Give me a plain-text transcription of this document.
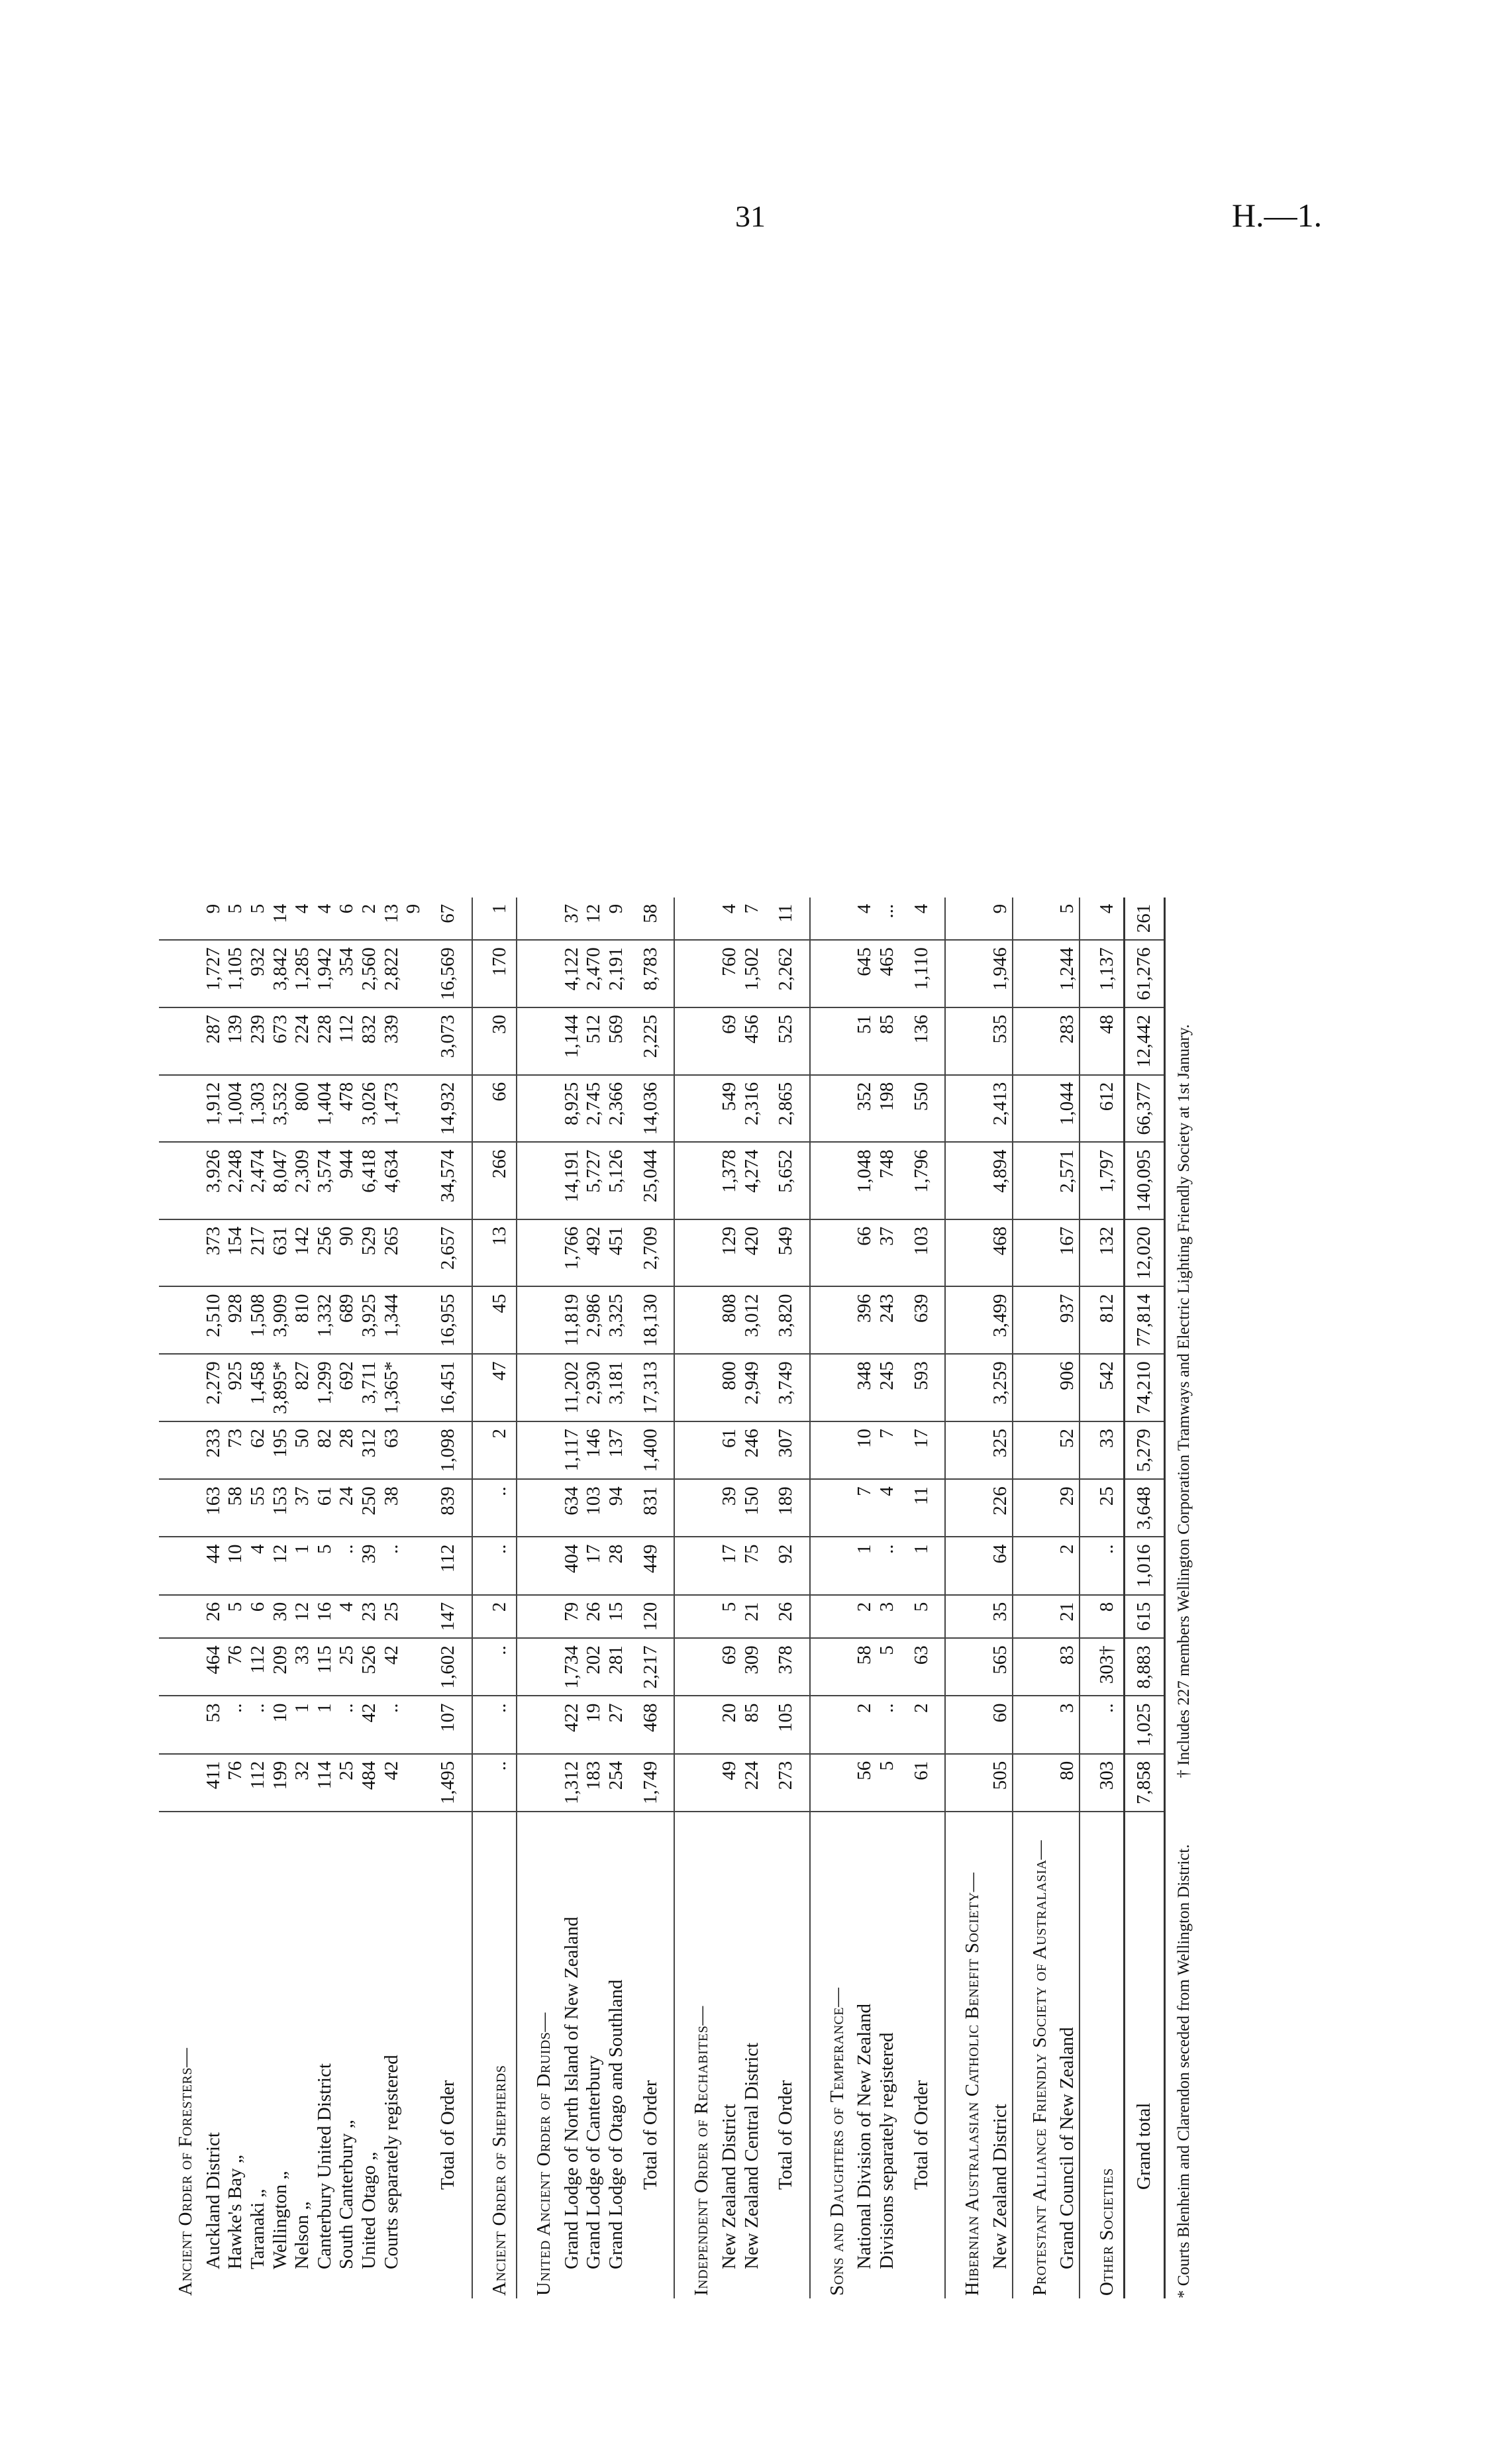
31	H.—1.
Ancient Order of Foresters—															

Auckland District	411	53	464	26	44	163	233	2,279	2,510	373	3,926	1,912	287	1,727	9

Hawke's Bay „	76	..	76	5	10	58	73	925	928	154	2,248	1,004	139	1,105	5

Taranaki „	112	..	112	6	4	55	62	1,458	1,508	217	2,474	1,303	239	932	5

Wellington „	199	10	209	30	12	153	195	3,895*	3,909	631	8,047	3,532	673	3,842	14

Nelson „	32	1	33	12	1	37	50	827	810	142	2,309	800	224	1,285	4

Canterbury United District	114	1	115	16	5	61	82	1,299	1,332	256	3,574	1,404	228	1,942	4

South Canterbury „	25	..	25	4	..	24	28	692	689	90	944	478	112	354	6

United Otago „	484	42	526	23	39	250	312	3,711	3,925	529	6,418	3,026	832	2,560	2

Courts separately registered	42	..	42	25	..	38	63	1,365*	1,344	265	4,634	1,473	339	2,822	13

															9

Total of Order	1,495	107	1,602	147	112	839	1,098	16,451	16,955	2,657	34,574	14,932	3,073	16,569	67

Ancient Order of Shepherds	..	..	..	2	..	..	2	47	45	13	266	66	30	170	1

United Ancient Order of Druids—															

Grand Lodge of North Island of New Zealand	1,312	422	1,734	79	404	634	1,117	11,202	11,819	1,766	14,191	8,925	1,144	4,122	37

Grand Lodge of Canterbury	183	19	202	26	17	103	146	2,930	2,986	492	5,727	2,745	512	2,470	12

Grand Lodge of Otago and Southland	254	27	281	15	28	94	137	3,181	3,325	451	5,126	2,366	569	2,191	9

Total of Order	1,749	468	2,217	120	449	831	1,400	17,313	18,130	2,709	25,044	14,036	2,225	8,783	58

Independent Order of Rechabites—															

New Zealand District	49	20	69	5	17	39	61	800	808	129	1,378	549	69	760	4

New Zealand Central District	224	85	309	21	75	150	246	2,949	3,012	420	4,274	2,316	456	1,502	7

Total of Order	273	105	378	26	92	189	307	3,749	3,820	549	5,652	2,865	525	2,262	11

Sons and Daughters of Temperance—															

National Division of New Zealand	56	2	58	2	1	7	10	348	396	66	1,048	352	51	645	4

Divisions separately registered	5	..	5	3	..	4	7	245	243	37	748	198	85	465	...

Total of Order	61	2	63	5	1	11	17	593	639	103	1,796	550	136	1,110	4

Hibernian Australasian Catholic Benefit Society—															

New Zealand District	505	60	565	35	64	226	325	3,259	3,499	468	4,894	2,413	535	1,946	9

Protestant Alliance Friendly Society of Australasia—															

Grand Council of New Zealand	80	3	83	21	2	29	52	906	937	167	2,571	1,044	283	1,244	5

Other Societies	303	..	303†	8	..	25	33	542	812	132	1,797	612	48	1,137	4

Grand total	7,858	1,025	8,883	615	1,016	3,648	5,279	74,210	77,814	12,020	140,095	66,377	12,442	61,276	261
* Courts Blenheim and Clarendon seceded from Wellington District.
† Includes 227 members Wellington Corporation Tramways and Electric Lighting Friendly Society at 1st January.
